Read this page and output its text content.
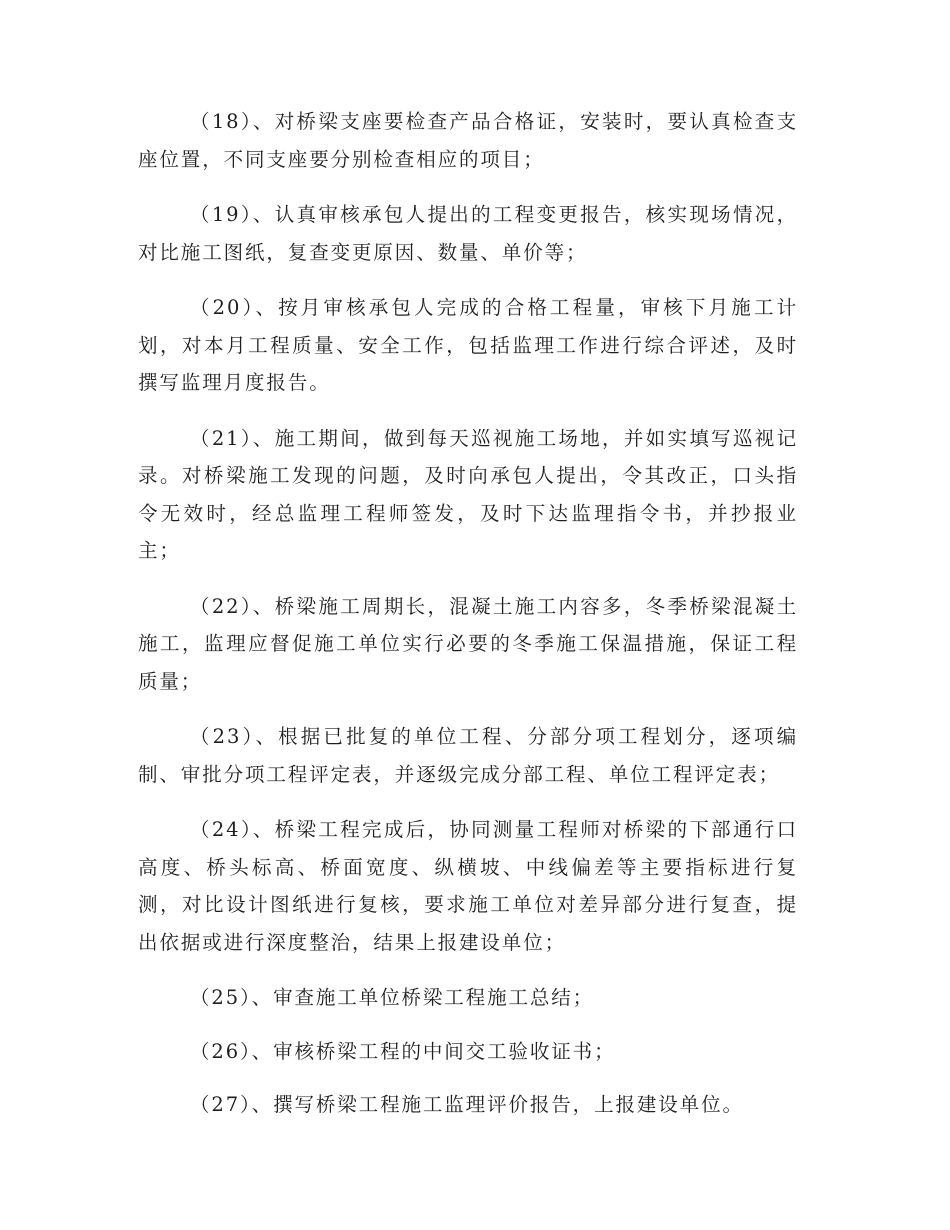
（18）、对桥梁支座要检查产品合格证，安装时，要认真检查支座位置，不同支座要分别检查相应的项目；

（19）、认真审核承包人提出的工程变更报告，核实现场情况，对比施工图纸，复查变更原因、数量、单价等；

（20）、按月审核承包人完成的合格工程量，审核下月施工计划，对本月工程质量、安全工作，包括监理工作进行综合评述，及时撰写监理月度报告。

（21）、施工期间，做到每天巡视施工场地，并如实填写巡视记录。对桥梁施工发现的问题，及时向承包人提出，令其改正，口头指令无效时，经总监理工程师签发，及时下达监理指令书，并抄报业主；

（22）、桥梁施工周期长，混凝土施工内容多，冬季桥梁混凝土施工，监理应督促施工单位实行必要的冬季施工保温措施，保证工程质量；

（23）、根据已批复的单位工程、分部分项工程划分，逐项编制、审批分项工程评定表，并逐级完成分部工程、单位工程评定表；

（24）、桥梁工程完成后，协同测量工程师对桥梁的下部通行口高度、桥头标高、桥面宽度、纵横坡、中线偏差等主要指标进行复测，对比设计图纸进行复核，要求施工单位对差异部分进行复查，提出依据或进行深度整治，结果上报建设单位；

（25）、审查施工单位桥梁工程施工总结；

（26）、审核桥梁工程的中间交工验收证书；

（27）、撰写桥梁工程施工监理评价报告，上报建设单位。
